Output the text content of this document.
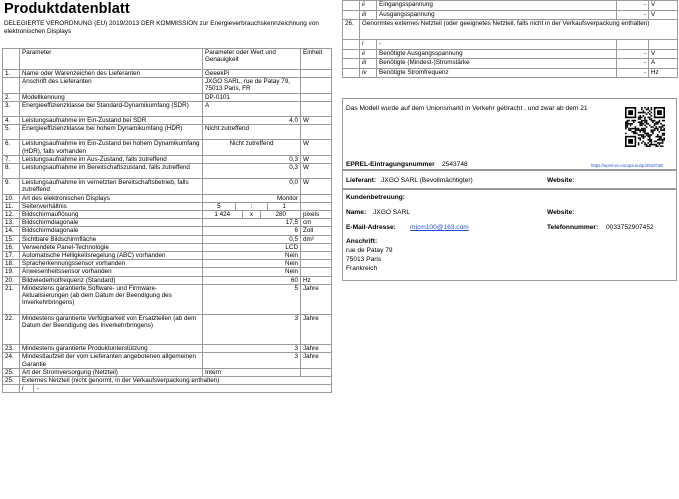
Produktdatenblatt
DELEGIERTE VERORDNUNG (EU) 2019/2013 DER KOMMISSION zur Energieverbrauchskennzeichnung von elektronischen Displays
	Parameter	Parameter oder Wert und Genauigkeit	Einheit
1.	Name oder Warenzeichen des Lieferanten	GeeekPi	
	Anschrift des Lieferanten	JXGO SARL, rue de Patay 79, 75013 Paris, FR	
2.	Modellkennung	DP-0101	
3.	Energieeffizienzklasse bei Standard-Dynamikumfang (SDR)	A	
4.	Leistungsaufnahme im Ein-Zustand bei SDR	4,0	W
5.	Energieeffizienzklasse bei hohem Dynamikumfang (HDR)	Nicht zutreffend	
6.	Leistungsaufnahme im Ein-Zustand bei hohem Dynamikumfang (HDR), falls vorhanden	Nicht zutreffend	W
7.	Leistungsaufnahme im Aus-Zustand, falls zutreffend	0,3	W
8.	Leistungsaufnahme im Bereitschaftszustand, falls zutreffend	0,3	W
9.	Leistungsaufnahme im vernetzten Bereitschaftsbetrieb, falls zutreffend	0,0	W
10.	Art des elektronischen Displays	Monitor	
11.	Seitenverhältnis	5 : 1	

12.	Bildschirmauflösung	1 424 x 280	pixels
13.	Bildschirmdiagonale	17,5	cm
14.	Bildschirmdiagonale	6	Zoll
15.	Sichtbare Bildschirmfläche	0,5	dm²
16.	Verwendete Panel-Technologie	LCD	
17.	Automatische Helligkeitsregelung (ABC) vorhanden	Nein	
18.	Spracherkennungssensor vorhanden	Nein	
19.	Anwesenheitssensor vorhanden	Nein	
20.	Bildwiederholfrequenz (Standard)	60	Hz
21.	Mindestens garantierte Software- und Firmware-Aktualisierungen (ab dem Datum der Beendigung des Inverkehrbringens)	5	Jahre
22.	Mindestens garantierte Verfügbarkeit von Ersatzteilen (ab dem Datum der Beendigung des Inverkehrbringens)	3	Jahre
23.	Mindestens garantierte Produktunterstützung	3	Jahre
24.	Mindestlaufzeit der vom Lieferanten angebotenen allgemeinen Garantie	3	Jahre
25.	Art der Stromversorgung (Netzteil)	Intern	
25.	Externes Netzteil (nicht genormt, in der Verkaufsverpackung enthalten)		
	i -		
	ii	Eingangsspannung	-	V
	iii	Ausgangsspannung	-	V
26.	Genormtes externes Netzteil (oder geeignetes Netzteil, falls nicht in der Verkaufsverpackung enthalten)			
	i	-		
	ii	Benötigte Ausgangsspannung	-	V
	iii	Benötigte (Mindest-)Stromstärke	-	A
	iv	Benötigte Stromfrequenz	-	Hz
Das Modell wurde auf dem Unionsmarkt in Verkehr gebracht , und zwar ab dem 21
EPREL-Eintragungsnummer 2543748	https://eprel.ec.europa.eu/qr/2543748
Lieferant: JXGO SARL (Bevollmächtigter)	Website:
Kundenbetreuung:
Name: JXGO SARL	Website:
E-Mail-Adresse: mjcm100@163.com	Telefonnummer: 0033752907452
Anschrift:
rue de Patay 79
75013 Paris
Frankreich
